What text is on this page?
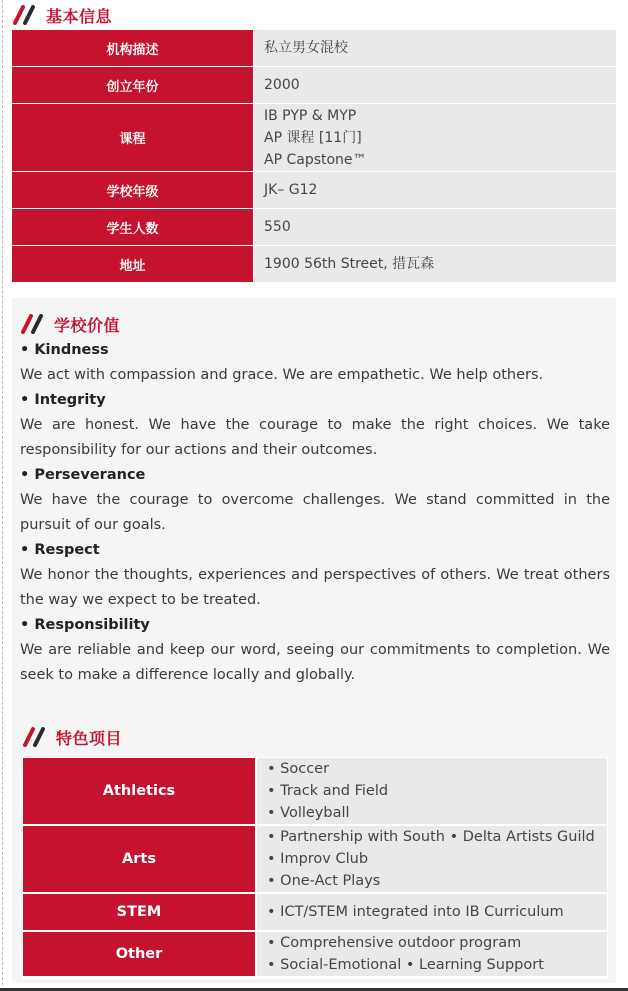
基本信息
机构描述	私立男女混校

创立年份	2000

课程	IB PYP & MYP
AP 课程 [11门]
AP Capstone™

学校年级	JK– G12

学生人数	550

地址	1900 56th Street, 措瓦森
学校价值
• Kindness
We act with compassion and grace. We are empathetic. We help others.
• Integrity
We are honest. We have the courage to make the right choices. We take responsibility for our actions and their outcomes.
• Perseverance
We have the courage to overcome challenges. We stand committed in the pursuit of our goals.
• Respect
We honor the thoughts, experiences and perspectives of others. We treat others the way we expect to be treated.
• Responsibility
We are reliable and keep our word, seeing our commitments to completion. We seek to make a difference locally and globally.
特色项目
Athletics	• Soccer
• Track and Field
• Volleyball

Arts	• Partnership with South • Delta Artists Guild
• Improv Club
• One-Act Plays

STEM	• ICT/STEM integrated into IB Curriculum

Other	• Comprehensive outdoor program
• Social-Emotional • Learning Support
